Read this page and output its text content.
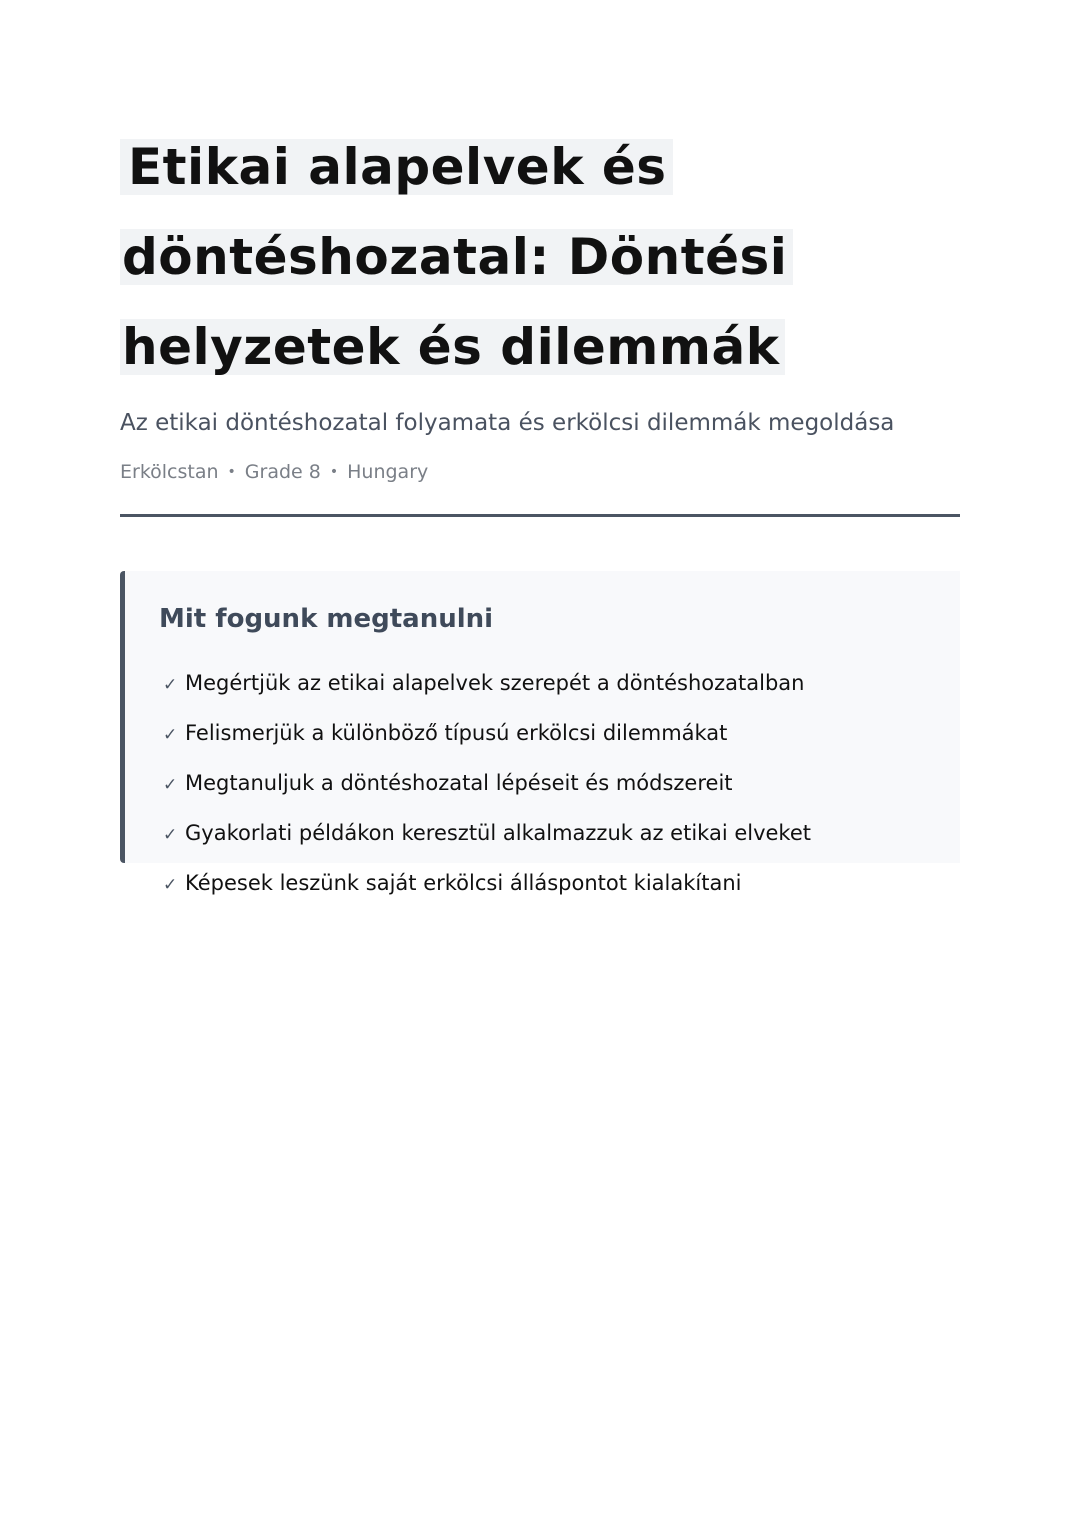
Etikai alapelvek és
döntéshozatal: Döntési
helyzetek és dilemmák

Az etikai döntéshozatal folyamata és erkölcsi dilemmák megoldása

Erkölcstan • Grade 8 • Hungary

Mit fogunk megtanulni
✓ Megértjük az etikai alapelvek szerepét a döntéshozatalban
✓ Felismerjük a különböző típusú erkölcsi dilemmákat
✓ Megtanuljuk a döntéshozatal lépéseit és módszereit
✓ Gyakorlati példákon keresztül alkalmazzuk az etikai elveket
✓ Képesek leszünk saját erkölcsi álláspontot kialakítani
